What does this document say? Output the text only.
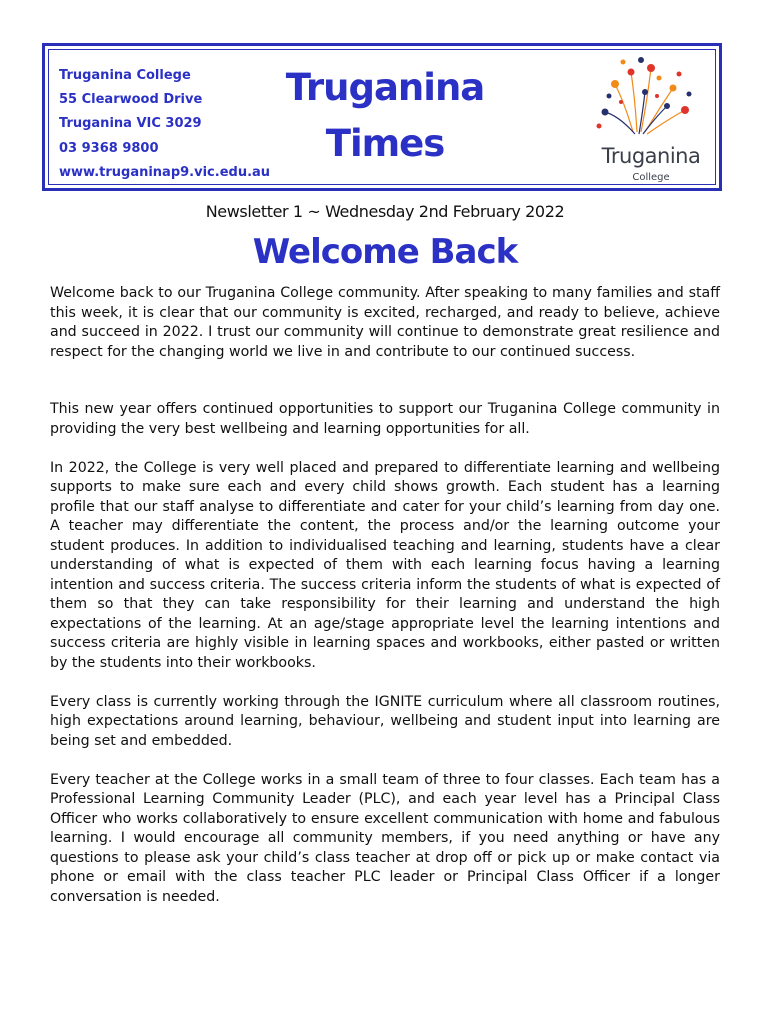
Truganina College
55 Clearwood Drive
Truganina VIC 3029
03 9368 9800
www.truganinap9.vic.edu.au
Truganina
Times	Truganina
College
Newsletter 1 ~ Wednesday 2nd February 2022
Welcome Back

Welcome back to our Truganina College community. After speaking to many families and staff this week, it is clear that our community is excited, recharged, and ready to believe, achieve and succeed in 2022. I trust our community will continue to demonstrate great resilience and respect for the changing world we live in and contribute to our continued success.

This new year offers continued opportunities to support our Truganina College community in providing the very best wellbeing and learning opportunities for all.

In 2022, the College is very well placed and prepared to differentiate learning and wellbeing supports to make sure each and every child shows growth. Each student has a learning profile that our staff analyse to differentiate and cater for your child’s learning from day one. A teacher may differentiate the content, the process and/or the learning outcome your student produces. In addition to individualised teaching and learning, students have a clear understanding of what is expected of them with each learning focus having a learning intention and success criteria. The success criteria inform the students of what is expected of them so that they can take responsibility for their learning and understand the high expectations of the learning. At an age/stage appropriate level the learning intentions and success criteria are highly visible in learning spaces and workbooks, either pasted or written by the students into their workbooks.

Every class is currently working through the IGNITE curriculum where all classroom routines, high expectations around learning, behaviour, wellbeing and student input into learning are being set and embedded.

Every teacher at the College works in a small team of three to four classes. Each team has a Professional Learning Community Leader (PLC), and each year level has a Principal Class Officer who works collaboratively to ensure excellent communication with home and fabulous learning. I would encourage all community members, if you need anything or have any questions to please ask your child’s class teacher at drop off or pick up or make contact via phone or email with the class teacher PLC leader or Principal Class Officer if a longer conversation is needed.
